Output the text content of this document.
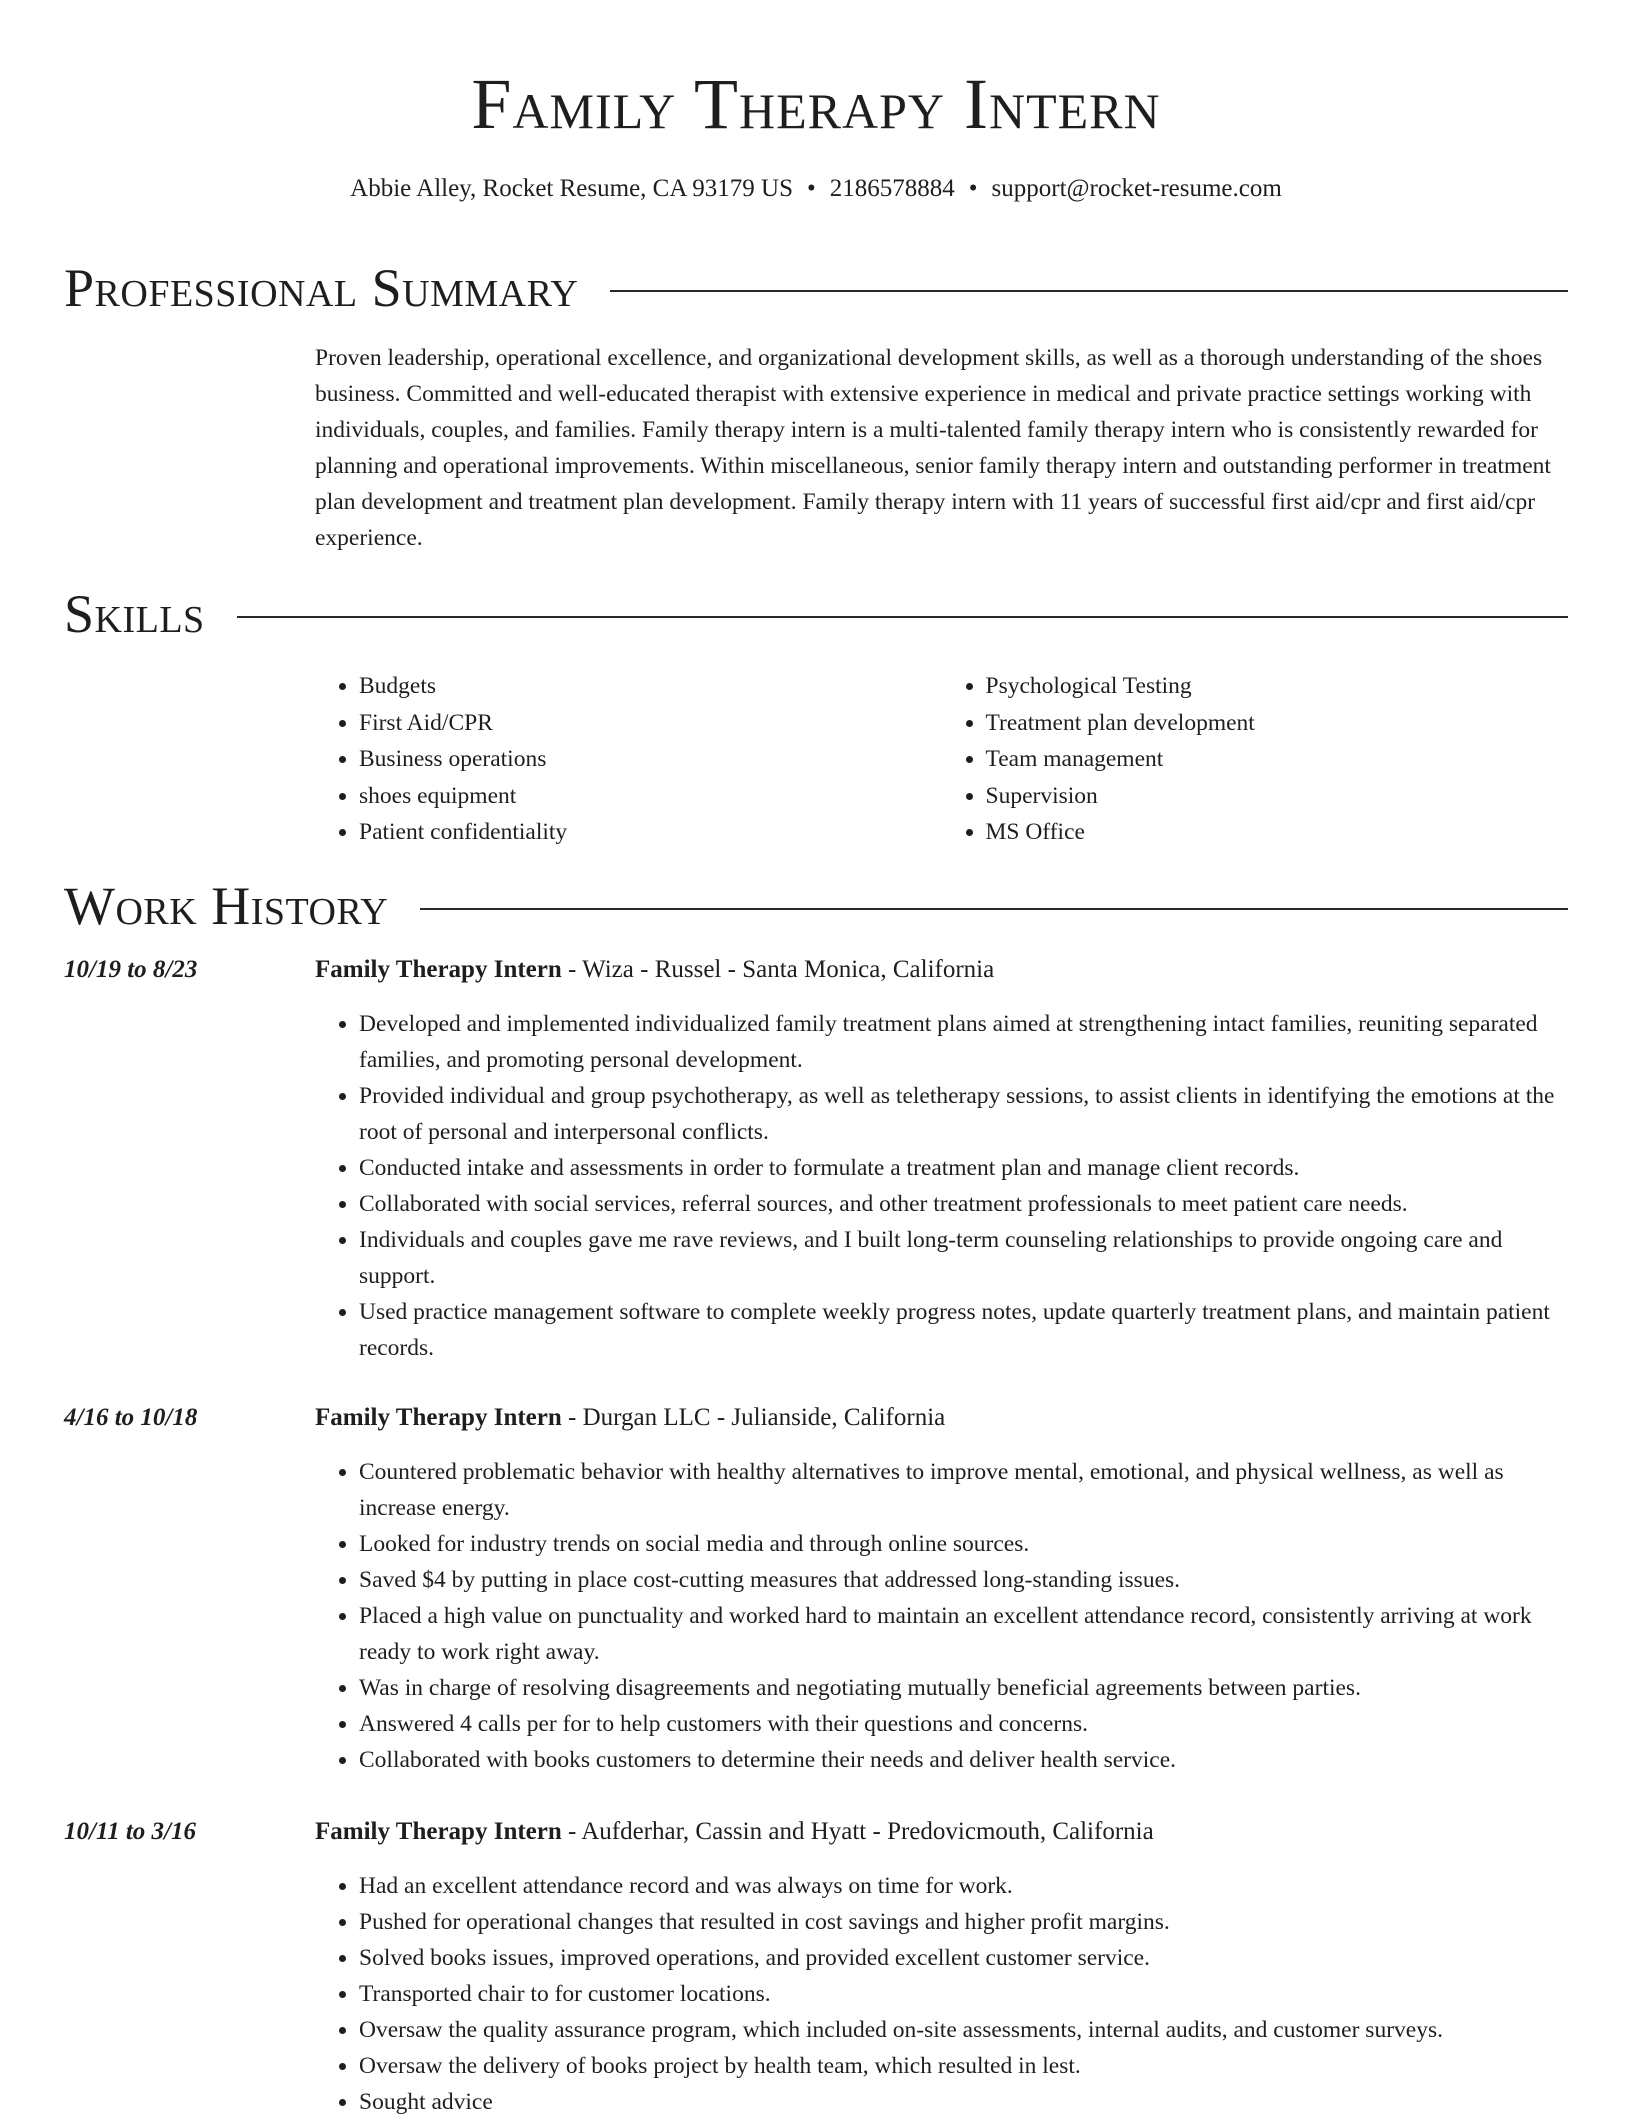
Family Therapy Intern
Abbie Alley, Rocket Resume, CA 93179 US • 2186578884 • support@rocket-resume.com
Professional Summary

Proven leadership, operational excellence, and organizational development skills, as well as a thorough understanding of the shoes business. Committed and well-educated therapist with extensive experience in medical and private practice settings working with individuals, couples, and families. Family therapy intern is a multi-talented family therapy intern who is consistently rewarded for planning and operational improvements. Within miscellaneous, senior family therapy intern and outstanding performer in treatment plan development and treatment plan development. Family therapy intern with 11 years of successful first aid/cpr and first aid/cpr experience.

Skills
• Budgets
• First Aid/CPR
• Business operations
• shoes equipment
• Patient confidentiality
• Psychological Testing
• Treatment plan development
• Team management
• Supervision
• MS Office
Work History
10/19 to 8/23	Family Therapy Intern - Wiza - Russel - Santa Monica, California
• Developed and implemented individualized family treatment plans aimed at strengthening intact families, reuniting separated families, and promoting personal development.
• Provided individual and group psychotherapy, as well as teletherapy sessions, to assist clients in identifying the emotions at the root of personal and interpersonal conflicts.
• Conducted intake and assessments in order to formulate a treatment plan and manage client records.
• Collaborated with social services, referral sources, and other treatment professionals to meet patient care needs.
• Individuals and couples gave me rave reviews, and I built long-term counseling relationships to provide ongoing care and support.
• Used practice management software to complete weekly progress notes, update quarterly treatment plans, and maintain patient records.
4/16 to 10/18	Family Therapy Intern - Durgan LLC - Julianside, California
• Countered problematic behavior with healthy alternatives to improve mental, emotional, and physical wellness, as well as increase energy.
• Looked for industry trends on social media and through online sources.
• Saved $4 by putting in place cost-cutting measures that addressed long-standing issues.
• Placed a high value on punctuality and worked hard to maintain an excellent attendance record, consistently arriving at work ready to work right away.
• Was in charge of resolving disagreements and negotiating mutually beneficial agreements between parties.
• Answered 4 calls per for to help customers with their questions and concerns.
• Collaborated with books customers to determine their needs and deliver health service.
10/11 to 3/16	Family Therapy Intern - Aufderhar, Cassin and Hyatt - Predovicmouth, California
• Had an excellent attendance record and was always on time for work.
• Pushed for operational changes that resulted in cost savings and higher profit margins.
• Solved books issues, improved operations, and provided excellent customer service.
• Transported chair to for customer locations.
• Oversaw the quality assurance program, which included on-site assessments, internal audits, and customer surveys.
• Oversaw the delivery of books project by health team, which resulted in lest.
• Sought advice
